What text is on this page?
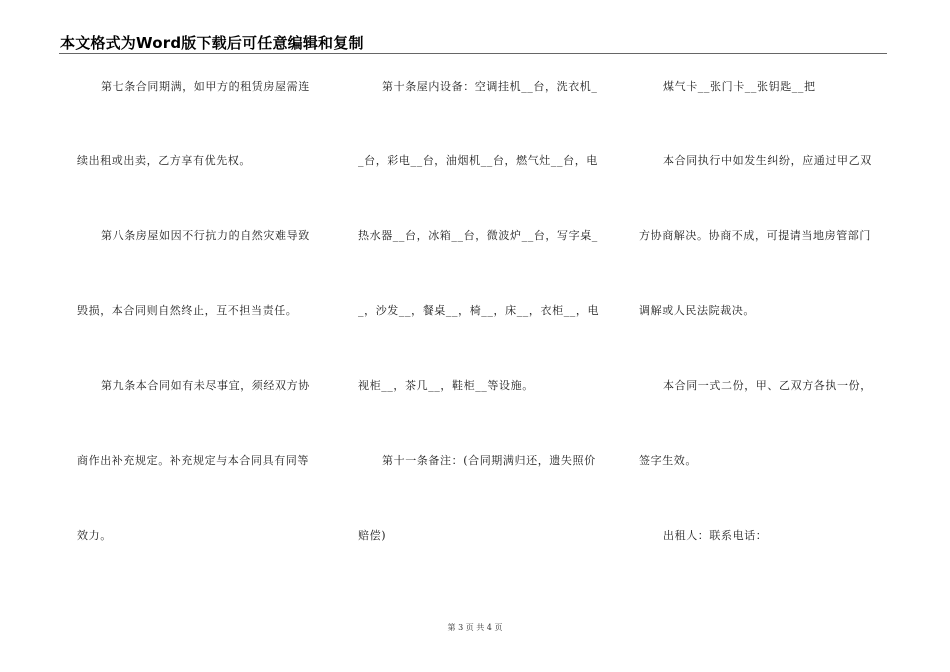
本文格式为Word版下载后可任意编辑和复制
第七条合同期满，如甲方的租赁房屋需连
续出租或出卖，乙方享有优先权。
第八条房屋如因不行抗力的自然灾难导致
毁损，本合同则自然终止，互不担当责任。
第九条本合同如有未尽事宜，须经双方协
商作出补充规定。补充规定与本合同具有同等
效力。
第十条屋内设备：空调挂机__台，洗衣机_
_台，彩电__台，油烟机__台，燃气灶__台，电
热水器__台，冰箱__台，微波炉__台，写字桌_
_，沙发__，餐桌__，椅__，床__，衣柜__，电
视柜__，茶几__，鞋柜__等设施。
第十一条备注：(合同期满归还，遗失照价
赔偿)
煤气卡__张门卡__张钥匙__把
本合同执行中如发生纠纷，应通过甲乙双
方协商解决。协商不成，可提请当地房管部门
调解或人民法院裁决。
本合同一式二份，甲、乙双方各执一份，
签字生效。
出租人：联系电话：
第 3 页 共 4 页
